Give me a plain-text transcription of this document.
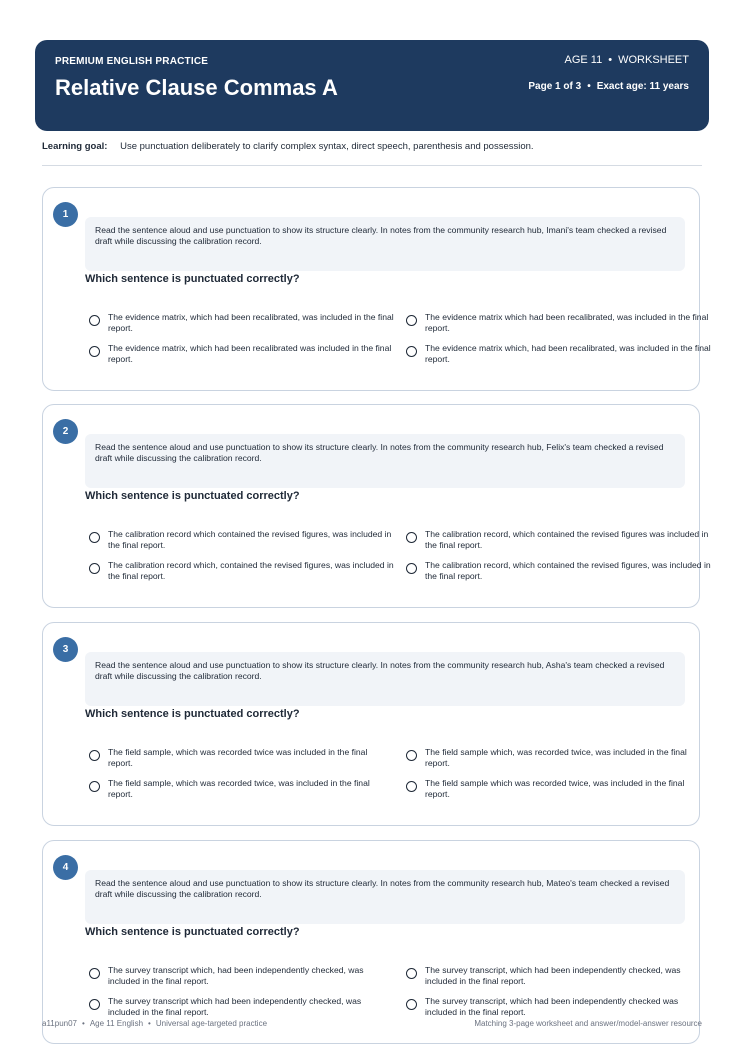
PREMIUM ENGLISH PRACTICE
Relative Clause Commas A
AGE 11 • WORKSHEET
Page 1 of 3 • Exact age: 11 years
Learning goal: Use punctuation deliberately to clarify complex syntax, direct speech, parenthesis and possession.
1
Read the sentence aloud and use punctuation to show its structure clearly. In notes from the community research hub, Imani's team checked a revised draft while discussing the calibration record.
Which sentence is punctuated correctly?
The evidence matrix, which had been recalibrated, was included in the final report.
The evidence matrix which had been recalibrated, was included in the final report.
The evidence matrix, which had been recalibrated was included in the final report.
The evidence matrix which, had been recalibrated, was included in the final report.
2
Read the sentence aloud and use punctuation to show its structure clearly. In notes from the community research hub, Felix's team checked a revised draft while discussing the calibration record.
Which sentence is punctuated correctly?
The calibration record which contained the revised figures, was included in the final report.
The calibration record, which contained the revised figures was included in the final report.
The calibration record which, contained the revised figures, was included in the final report.
The calibration record, which contained the revised figures, was included in the final report.
3
Read the sentence aloud and use punctuation to show its structure clearly. In notes from the community research hub, Asha's team checked a revised draft while discussing the calibration record.
Which sentence is punctuated correctly?
The field sample, which was recorded twice was included in the final report.
The field sample which, was recorded twice, was included in the final report.
The field sample, which was recorded twice, was included in the final report.
The field sample which was recorded twice, was included in the final report.
4
Read the sentence aloud and use punctuation to show its structure clearly. In notes from the community research hub, Mateo's team checked a revised draft while discussing the calibration record.
Which sentence is punctuated correctly?
The survey transcript which, had been independently checked, was included in the final report.
The survey transcript, which had been independently checked, was included in the final report.
The survey transcript which had been independently checked, was included in the final report.
The survey transcript, which had been independently checked was included in the final report.
a11pun07 • Age 11 English • Universal age-targeted practice	Matching 3-page worksheet and answer/model-answer resource
